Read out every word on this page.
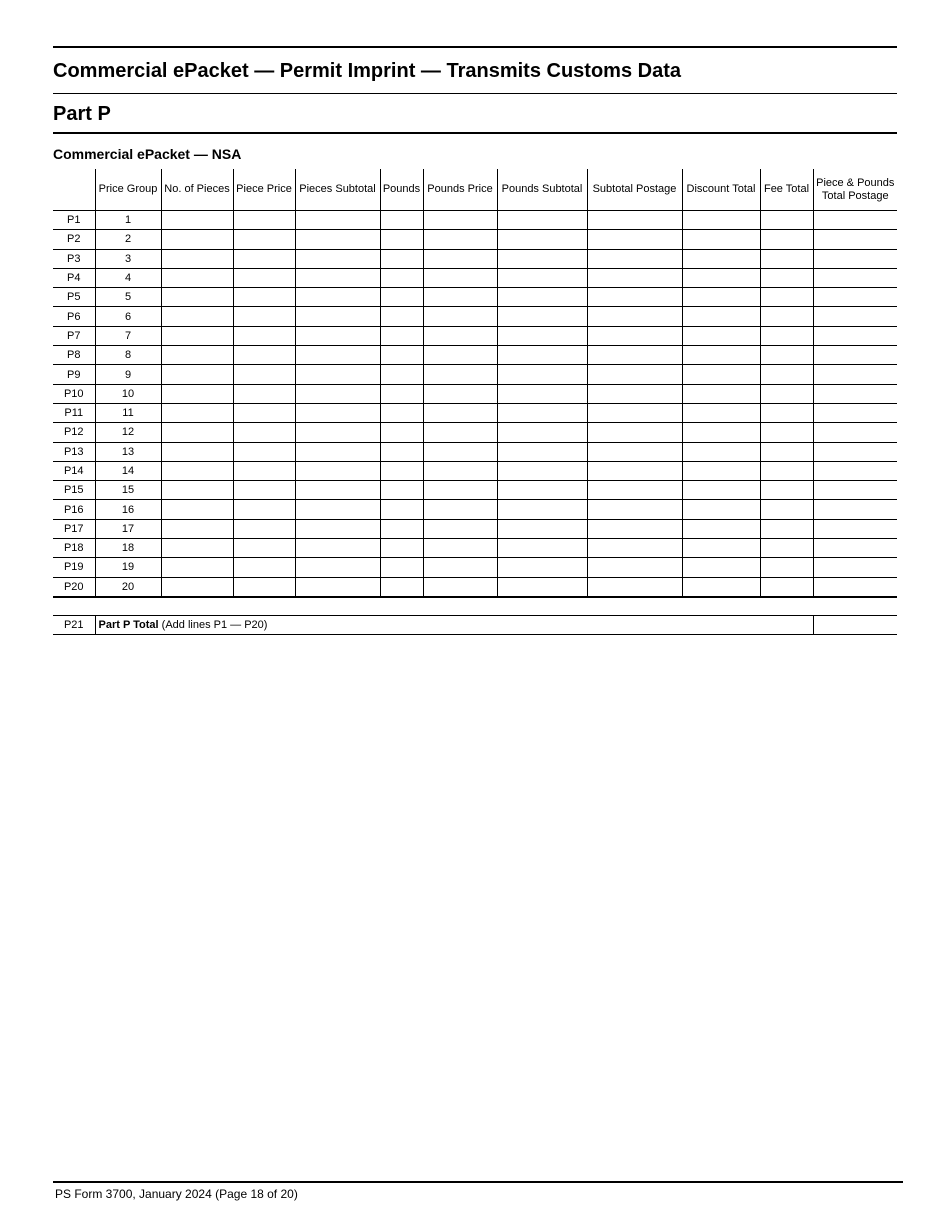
Commercial ePacket — Permit Imprint — Transmits Customs Data
Part P
Commercial ePacket — NSA
	Price Group	No. of Pieces	Piece Price	Pieces Subtotal	Pounds	Pounds Price	Pounds Subtotal	Subtotal Postage	Discount Total	Fee Total	Piece & Pounds Total Postage
P1	1										
P2	2										
P3	3										
P4	4										
P5	5										
P6	6										
P7	7										
P8	8										
P9	9										
P10	10										
P11	11										
P12	12										
P13	13										
P14	14										
P15	15										
P16	16										
P17	17										
P18	18										
P19	19										
P20	20										
P21	Part P Total (Add lines P1 — P20)	
PS Form 3700, January 2024 (Page 18 of 20)
